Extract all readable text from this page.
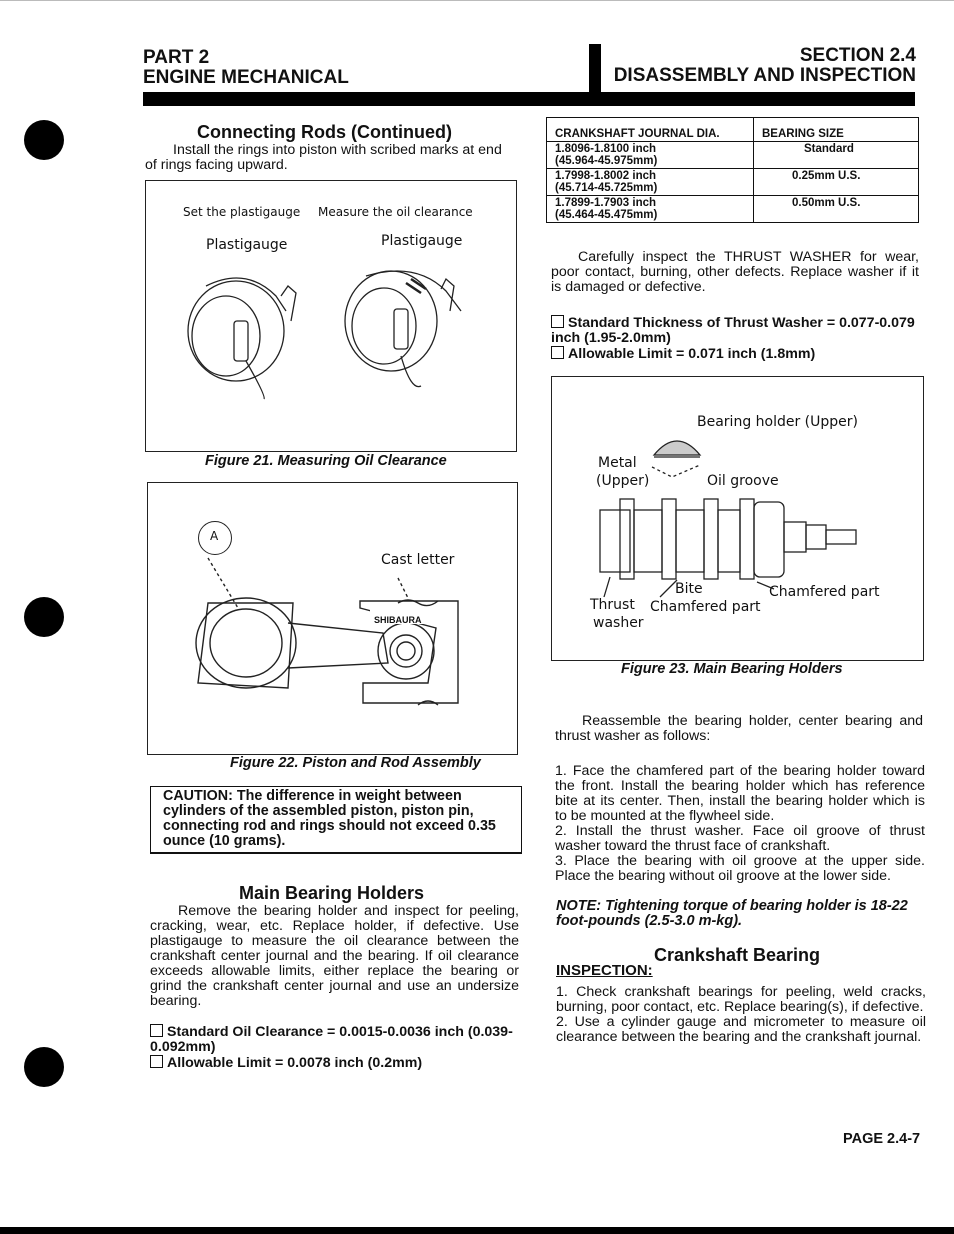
PART 2
ENGINE MECHANICAL
SECTION 2.4
DISASSEMBLY AND INSPECTION
Connecting Rods (Continued)
Install the rings into piston with scribed marks at end of rings facing upward.
Set the plastigauge Measure the oil clearance
Plastigauge	Plastigauge
Figure 21. Measuring Oil Clearance
A
Cast letter
SHIBAURA
Figure 22. Piston and Rod Assembly
CAUTION: The difference in weight between cylinders of the assembled piston, piston pin, connecting rod and rings should not exceed 0.35 ounce (10 grams).
Main Bearing Holders
Remove the bearing holder and inspect for peeling, cracking, wear, etc. Replace holder, if defective. Use plastigauge to measure the oil clearance between the crankshaft center journal and the bearing. If oil clearance exceeds allowable limits, either replace the bearing or grind the crankshaft center journal and use an undersize bearing.
Standard Oil Clearance = 0.0015-0.0036 inch (0.039-0.092mm)
Allowable Limit = 0.0078 inch (0.2mm)
CRANKSHAFT JOURNAL DIA.	BEARING SIZE

1.8096-1.8100 inch
(45.964-45.975mm)	Standard

1.7998-1.8002 inch
(45.714-45.725mm)	0.25mm U.S.

1.7899-1.7903 inch
(45.464-45.475mm)	0.50mm U.S.
Carefully inspect the THRUST WASHER for wear, poor contact, burning, other defects. Replace washer if it is damaged or defective.
Standard Thickness of Thrust Washer = 0.077-0.079 inch (1.95-2.0mm)
Allowable Limit = 0.071 inch (1.8mm)
Bearing holder (Upper)
Metal
(Upper)	Oil groove
Bite	Chamfered part
Thrust Chamfered part
washer
Figure 23. Main Bearing Holders
Reassemble the bearing holder, center bearing and thrust washer as follows:
1. Face the chamfered part of the bearing holder toward the front. Install the bearing holder which has reference bite at its center. Then, install the bearing holder which is to be mounted at the flywheel side.
2. Install the thrust washer. Face oil groove of thrust washer toward the thrust face of crankshaft.
3. Place the bearing with oil groove at the upper side. Place the bearing without oil groove at the lower side.
NOTE: Tightening torque of bearing holder is 18-22 foot-pounds (2.5-3.0 m-kg).
Crankshaft Bearing
INSPECTION:
1. Check crankshaft bearings for peeling, weld cracks, burning, poor contact, etc. Replace bearing(s), if defective.
2. Use a cylinder gauge and micrometer to measure oil clearance between the bearing and the crankshaft journal.
PAGE 2.4-7
